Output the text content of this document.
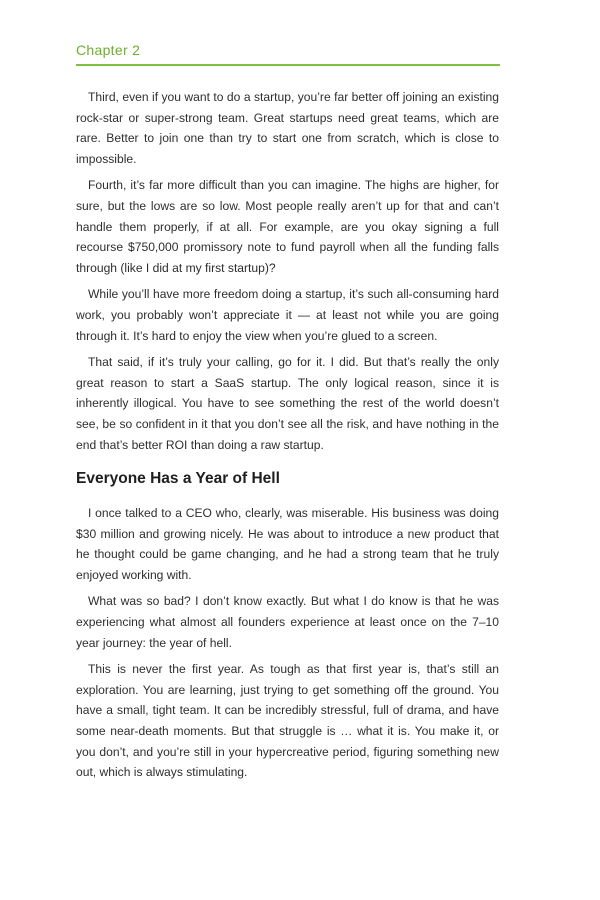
Chapter 2

Third, even if you want to do a startup, you’re far better off joining an existing rock-star or super-strong team. Great startups need great teams, which are rare. Better to join one than try to start one from scratch, which is close to impossible.

Fourth, it’s far more difficult than you can imagine. The highs are higher, for sure, but the lows are so low. Most people really aren’t up for that and can’t handle them properly, if at all. For example, are you okay signing a full recourse $750,000 promissory note to fund payroll when all the funding falls through (like I did at my first startup)?

While you’ll have more freedom doing a startup, it’s such all-consuming hard work, you probably won’t appreciate it — at least not while you are going through it. It’s hard to enjoy the view when you’re glued to a screen.

That said, if it’s truly your calling, go for it. I did. But that’s really the only great reason to start a SaaS startup. The only logical reason, since it is inherently illogical. You have to see something the rest of the world doesn’t see, be so confident in it that you don’t see all the risk, and have nothing in the end that’s better ROI than doing a raw startup.

Everyone Has a Year of Hell

I once talked to a CEO who, clearly, was miserable. His business was doing $30 million and growing nicely. He was about to introduce a new product that he thought could be game changing, and he had a strong team that he truly enjoyed working with.

What was so bad? I don’t know exactly. But what I do know is that he was experiencing what almost all founders experience at least once on the 7–10 year journey: the year of hell.

This is never the first year. As tough as that first year is, that’s still an exploration. You are learning, just trying to get something off the ground. You have a small, tight team. It can be incredibly stressful, full of drama, and have some near-death moments. But that struggle is … what it is. You make it, or you don’t, and you’re still in your hypercreative period, figuring something new out, which is always stimulating.
